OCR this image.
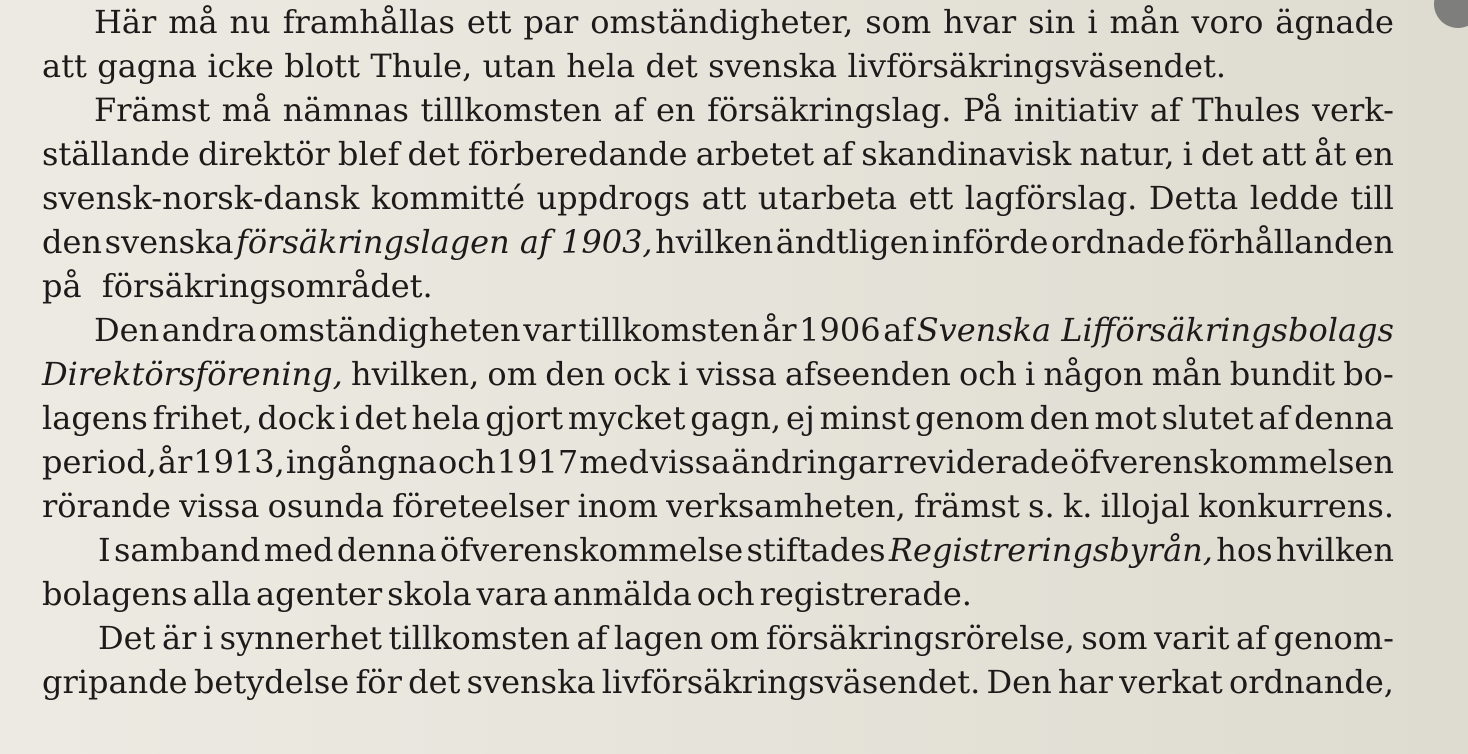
Här må nu framhållas ett par omständigheter, som hvar sin i mån voro ägnade
att gagna icke blott Thule, utan hela det svenska livförsäkringsväsendet.
Främst må nämnas tillkomsten af en försäkringslag. På initiativ af Thules verk-
ställande direktör blef det förberedande arbetet af skandinavisk natur, i det att åt en
svensk-norsk-dansk kommitté uppdrogs att utarbeta ett lagförslag. Detta ledde till
den svenska försäkringslagen af 1903, hvilken ändtligen införde ordnade förhållanden
på försäkringsområdet.
Den andra omständigheten var tillkomsten år 1906 af Svenska Lifförsäkringsbolags
Direktörsförening, hvilken, om den ock i vissa afseenden och i någon mån bundit bo-
lagens frihet, dock i det hela gjort mycket gagn, ej minst genom den mot slutet af denna
period, år 1913, ingångna och 1917 med vissa ändringar reviderade öfverenskommelsen
rörande vissa osunda företeelser inom verksamheten, främst s. k. illojal konkurrens.
I samband med denna öfverenskommelse stiftades Registreringsbyrån, hos hvilken
bolagens alla agenter skola vara anmälda och registrerade.
Det är i synnerhet tillkomsten af lagen om försäkringsrörelse, som varit af genom-
gripande betydelse för det svenska livförsäkringsväsendet. Den har verkat ordnande,
